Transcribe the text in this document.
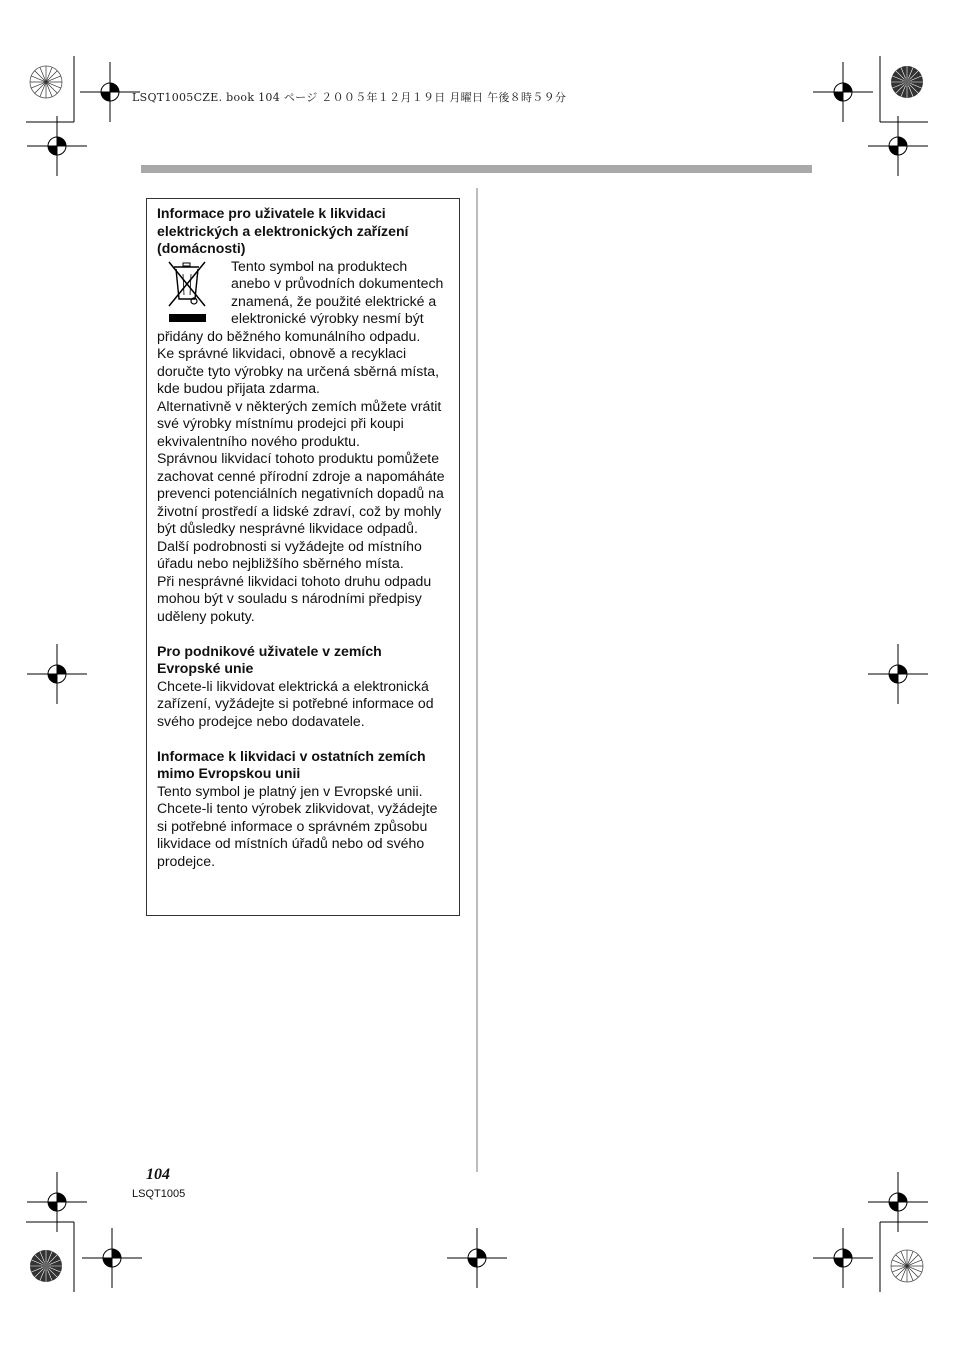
LSQT1005CZE. book 104 ページ ２００５年１２月１９日 月曜日 午後８時５９分
Informace pro uživatele k likvidaci elektrických a elektronických zařízení (domácnosti)

Tento symbol na produktech anebo v průvodních dokumentech znamená, že použité elektrické a elektronické výrobky nesmí být přidány do běžného komunálního odpadu.

Ke správné likvidaci, obnově a recyklaci doručte tyto výrobky na určená sběrná místa, kde budou přijata zdarma.

Alternativně v některých zemích můžete vrátit své výrobky místnímu prodejci při koupi ekvivalentního nového produktu.

Správnou likvidací tohoto produktu pomůžete zachovat cenné přírodní zdroje a napomáháte prevenci potenciálních negativních dopadů na životní prostředí a lidské zdraví, což by mohly být důsledky nesprávné likvidace odpadů. Další podrobnosti si vyžádejte od místního úřadu nebo nejbližšího sběrného místa.

Při nesprávné likvidaci tohoto druhu odpadu mohou být v souladu s národními předpisy uděleny pokuty.

Pro podnikové uživatele v zemích Evropské unie

Chcete-li likvidovat elektrická a elektronická zařízení, vyžádejte si potřebné informace od svého prodejce nebo dodavatele.

Informace k likvidaci v ostatních zemích mimo Evropskou unii

Tento symbol je platný jen v Evropské unii. Chcete-li tento výrobek zlikvidovat, vyžádejte si potřebné informace o správném způsobu likvidace od místních úřadů nebo od svého prodejce.

104
LSQT1005
